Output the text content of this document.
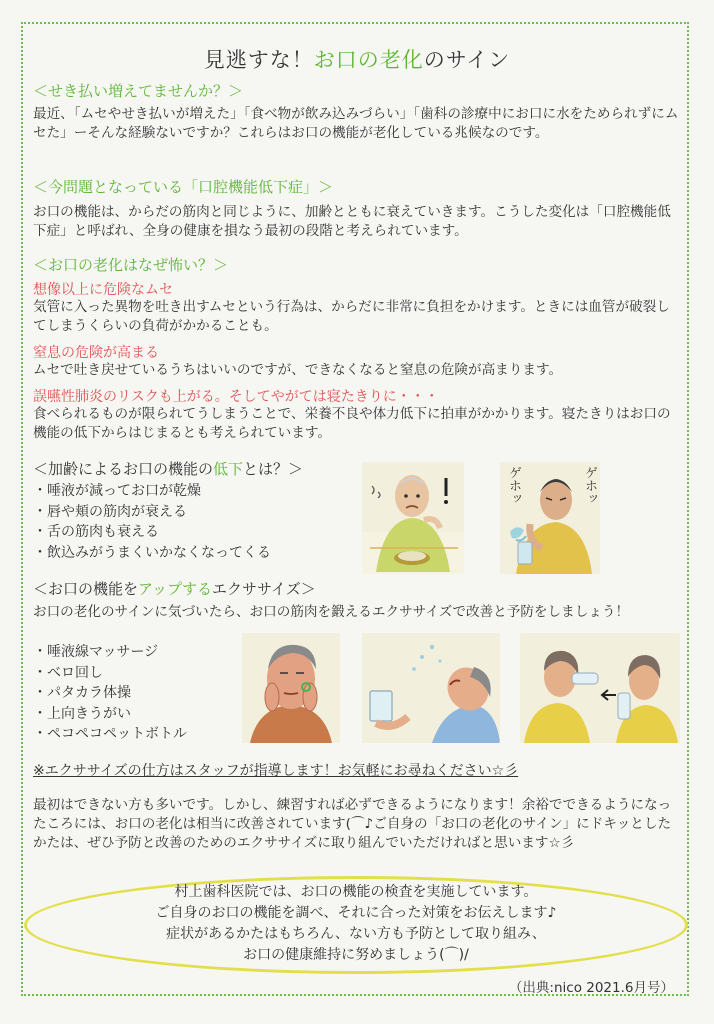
見逃すな！お口の老化のサイン
＜せき払い増えてませんか？＞

最近、「ムセやせき払いが増えた」「食べ物が飲み込みづらい」「歯科の診療中にお口に水をためられずにムセた」ーそんな経験ないですか？これらはお口の機能が老化している兆候なのです。

＜今問題となっている「口腔機能低下症」＞

お口の機能は、からだの筋肉と同じように、加齢とともに衰えていきます。こうした変化は「口腔機能低下症」と呼ばれ、全身の健康を損なう最初の段階と考えられています。

＜お口の老化はなぜ怖い？＞
想像以上に危険なムセ

気管に入った異物を吐き出すムセという行為は、からだに非常に負担をかけます。ときには血管が破裂してしまうくらいの負荷がかかることも。

窒息の危険が高まる

ムセで吐き戻せているうちはいいのですが、できなくなると窒息の危険が高まります。

誤嚥性肺炎のリスクも上がる。そしてやがては寝たきりに・・・

食べられるものが限られてうしまうことで、栄養不良や体力低下に拍車がかかります。寝たきりはお口の機能の低下からはじまるとも考えられています。

＜加齢によるお口の機能の低下とは？＞
・ 唾液が減ってお口が乾燥
・ 唇や頬の筋肉が衰える
・ 舌の筋肉も衰える
・ 飲込みがうまくいかなくなってくる
ゲホッ	ゲホッ
＜お口の機能をアップするエクササイズ＞

お口の老化のサインに気づいたら、お口の筋肉を鍛えるエクササイズで改善と予防をしましょう！

・ 唾液線マッサージ
・ ベロ回し
・ パタカラ体操
・ 上向きうがい
・ ペコペコペットボトル
※エクササイズの仕方はスタッフが指導します！お気軽にお尋ねください☆彡

最初はできない方も多いです。しかし、練習すれば必ずできるようになります！余裕でできるようになったころには、お口の老化は相当に改善されています(⌒♪ご自身の「お口の老化のサイン」にドキッとしたかたは、ぜひ予防と改善のためのエクササイズに取り組んでいただければと思います☆彡

村上歯科医院では、お口の機能の検査を実施しています。
ご自身のお口の機能を調べ、それに合った対策をお伝えします♪
症状があるかたはもちろん、ない方も予防として取り組み、
お口の健康維持に努めましょう(⌒)/
（出典:nico 2021.6月号）
